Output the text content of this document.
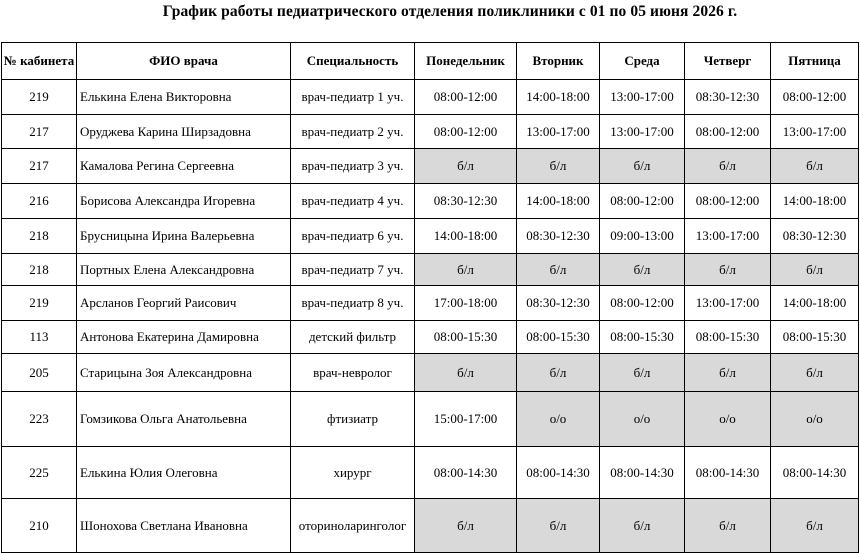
График работы педиатрического отделения поликлиники с 01 по 05 июня 2026 г.
№ кабинета	ФИО врача	Специальность	Понедельник	Вторник	Среда	Четверг	Пятница
219	Елькина Елена Викторовна	врач-педиатр 1 уч.	08:00-12:00	14:00-18:00	13:00-17:00	08:30-12:30	08:00-12:00
217	Оруджева Карина Ширзадовна	врач-педиатр 2 уч.	08:00-12:00	13:00-17:00	13:00-17:00	08:00-12:00	13:00-17:00
217	Камалова Регина Сергеевна	врач-педиатр 3 уч.	б/л	б/л	б/л	б/л	б/л
216	Борисова Александра Игоревна	врач-педиатр 4 уч.	08:30-12:30	14:00-18:00	08:00-12:00	08:00-12:00	14:00-18:00
218	Брусницына Ирина Валерьевна	врач-педиатр 6 уч.	14:00-18:00	08:30-12:30	09:00-13:00	13:00-17:00	08:30-12:30
218	Портных Елена Александровна	врач-педиатр 7 уч.	б/л	б/л	б/л	б/л	б/л
219	Арсланов Георгий Раисович	врач-педиатр 8 уч.	17:00-18:00	08:30-12:30	08:00-12:00	13:00-17:00	14:00-18:00
113	Антонова Екатерина Дамировна	детский фильтр	08:00-15:30	08:00-15:30	08:00-15:30	08:00-15:30	08:00-15:30
205	Старицына Зоя Александровна	врач-невролог	б/л	б/л	б/л	б/л	б/л
223	Гомзикова Ольга Анатольевна	фтизиатр	15:00-17:00	о/о	о/о	о/о	о/о
225	Елькина Юлия Олеговна	хирург	08:00-14:30	08:00-14:30	08:00-14:30	08:00-14:30	08:00-14:30
210	Шонохова Светлана Ивановна	оториноларинголог	б/л	б/л	б/л	б/л	б/л
